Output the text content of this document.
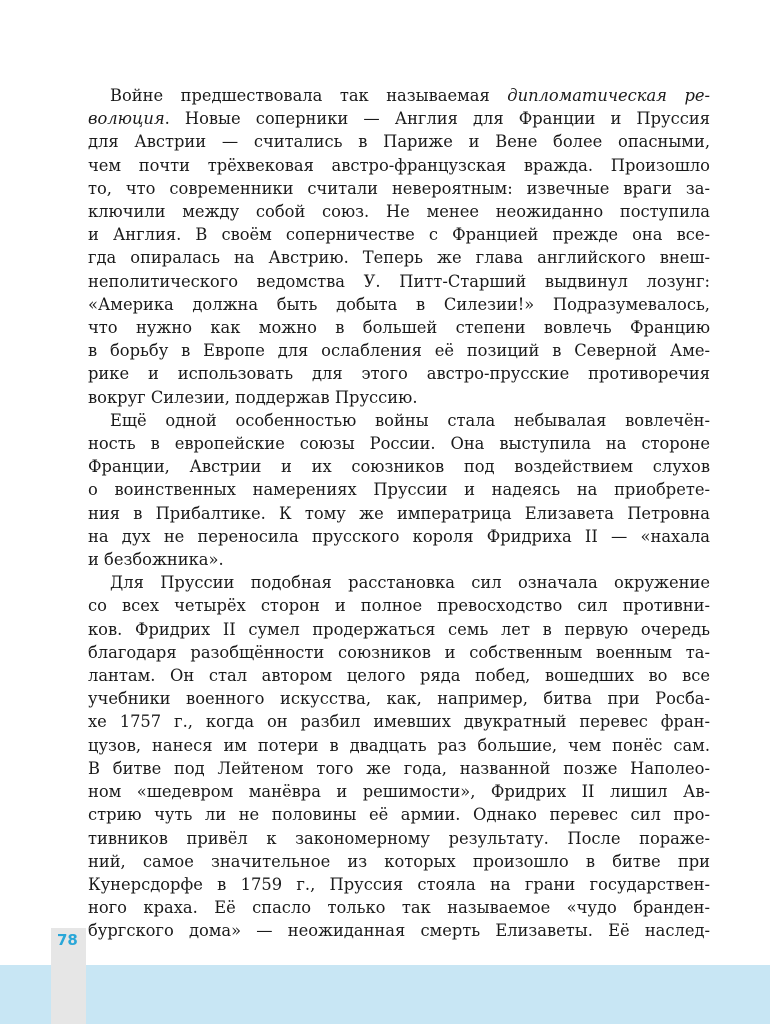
Войне предшествовала так называемая дипломатическая ре-
волюция. Новые соперники — Англия для Франции и Пруссия
для Австрии — считались в Париже и Вене более опасными,
чем почти трёхвековая австро-французская вражда. Произошло
то, что современники считали невероятным: извечные враги за-
ключили между собой союз. Не менее неожиданно поступила
и Англия. В своём соперничестве с Францией прежде она все-
гда опиралась на Австрию. Теперь же глава английского внеш-
неполитического ведомства У. Питт-Старший выдвинул лозунг:
«Америка должна быть добыта в Силезии!» Подразумевалось,
что нужно как можно в большей степени вовлечь Францию
в борьбу в Европе для ослабления её позиций в Северной Аме-
рике и использовать для этого австро-прусские противоречия
вокруг Силезии, поддержав Пруссию.

Ещё одной особенностью войны стала небывалая вовлечён-
ность в европейские союзы России. Она выступила на стороне
Франции, Австрии и их союзников под воздействием слухов
о воинственных намерениях Пруссии и надеясь на приобрете-
ния в Прибалтике. К тому же императрица Елизавета Петровна
на дух не переносила прусского короля Фридриха II — «нахала
и безбожника».

Для Пруссии подобная расстановка сил означала окружение
со всех четырёх сторон и полное превосходство сил противни-
ков. Фридрих II сумел продержаться семь лет в первую очередь
благодаря разобщённости союзников и собственным военным та-
лантам. Он стал автором целого ряда побед, вошедших во все
учебники военного искусства, как, например, битва при Росба-
хе 1757 г., когда он разбил имевших двукратный перевес фран-
цузов, нанеся им потери в двадцать раз большие, чем понёс сам.
В битве под Лейтеном того же года, названной позже Наполео-
ном «шедевром манёвра и решимости», Фридрих II лишил Ав-
стрию чуть ли не половины её армии. Однако перевес сил про-
тивников привёл к закономерному результату. После пораже-
ний, самое значительное из которых произошло в битве при
Кунерсдорфе в 1759 г., Пруссия стояла на грани государствен-
ного краха. Её спасло только так называемое «чудо бранден-
бургского дома» — неожиданная смерть Елизаветы. Её наслед-

78
